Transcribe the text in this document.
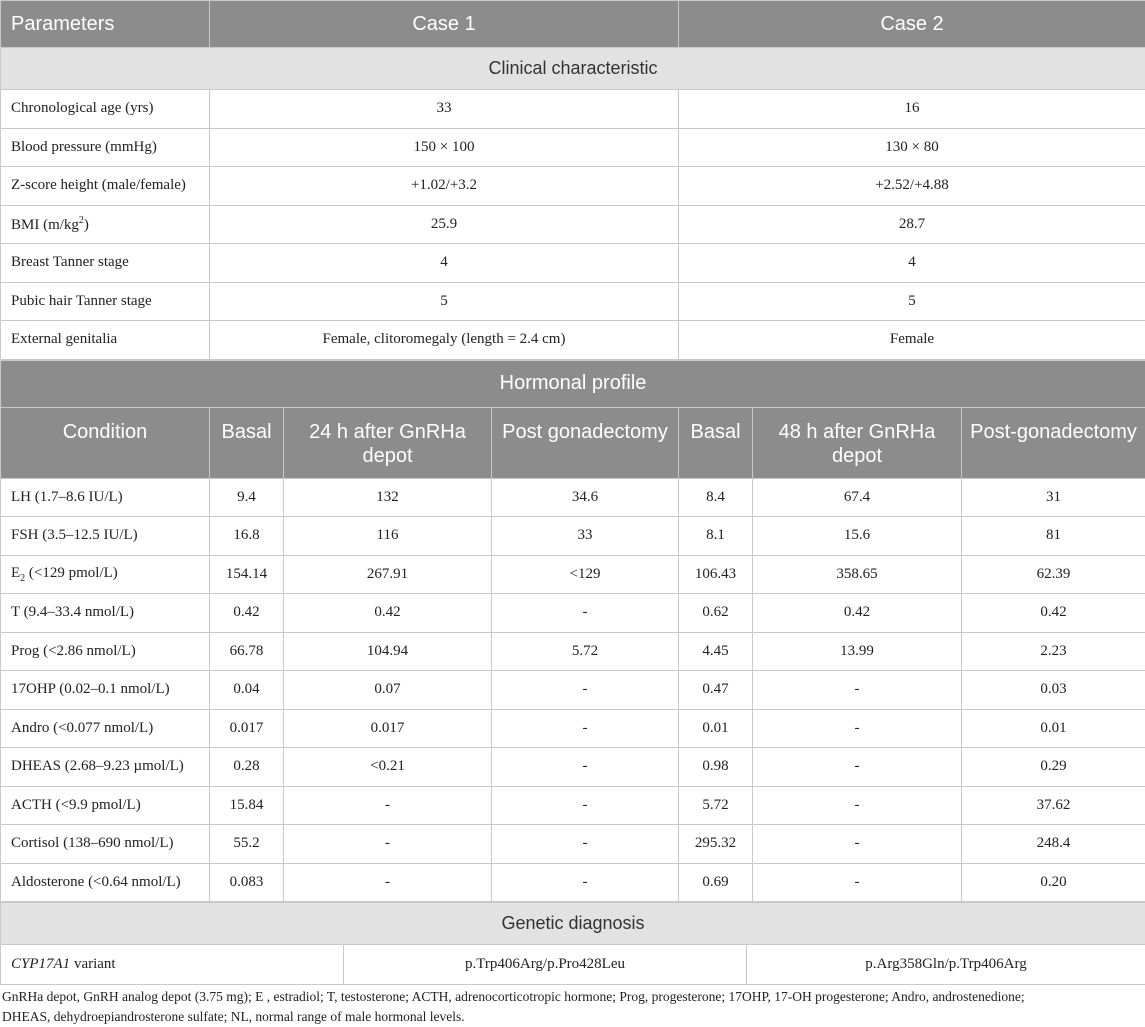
Parameters	Case 1	Case 2
Clinical characteristic		
Chronological age (yrs)	33	16
Blood pressure (mmHg)	150 × 100	130 × 80
Z-score height (male/female)	+1.02/+3.2	+2.52/+4.88
BMI $(m/kg^2)$	25.9	28.7
Breast Tanner stage	4	4
Pubic hair Tanner stage	5	5
External genitalia	Female, clitoromegaly (length = 2.4 cm)	Female
Hormonal profile						
Condition	Basal	24 h after GnRHa depot	Post gonadectomy	Basal	48 h after GnRHa depot	Post-gonadectomy
LH (1.7–8.6 IU/L)	9.4	132	34.6	8.4	67.4	31
FSH (3.5–12.5 IU/L)	16.8	116	33	8.1	15.6	81
$E_2$ (<129 pmol/L)	154.14	267.91	<129	106.43	358.65	62.39
T (9.4–33.4 nmol/L)	0.42	0.42	-	0.62	0.42	0.42
Prog (<2.86 nmol/L)	66.78	104.94	5.72	4.45	13.99	2.23
17OHP (0.02–0.1 nmol/L)	0.04	0.07	-	0.47	-	0.03
Andro (<0.077 nmol/L)	0.017	0.017	-	0.01	-	0.01
DHEAS (2.68–9.23 µmol/L)	0.28	<0.21	-	0.98	-	0.29
ACTH (<9.9 pmol/L)	15.84	-	-	5.72	-	37.62
Cortisol (138–690 nmol/L)	55.2	-	-	295.32	-	248.4
Aldosterone (<0.64 nmol/L)	0.083	-	-	0.69	-	0.20
Genetic diagnosis
CYP17A1 variant	p.Trp406Arg/p.Pro428Leu	p.Arg358Gln/p.Trp406Arg
GnRHa depot, GnRH analog depot (3.75 mg); E , estradiol; T, testosterone; ACTH, adrenocorticotropic hormone; Prog, progesterone; 17OHP, 17-OH progesterone; Andro, androstenedione;
DHEAS, dehydroepiandrosterone sulfate; NL, normal range of male hormonal levels.
